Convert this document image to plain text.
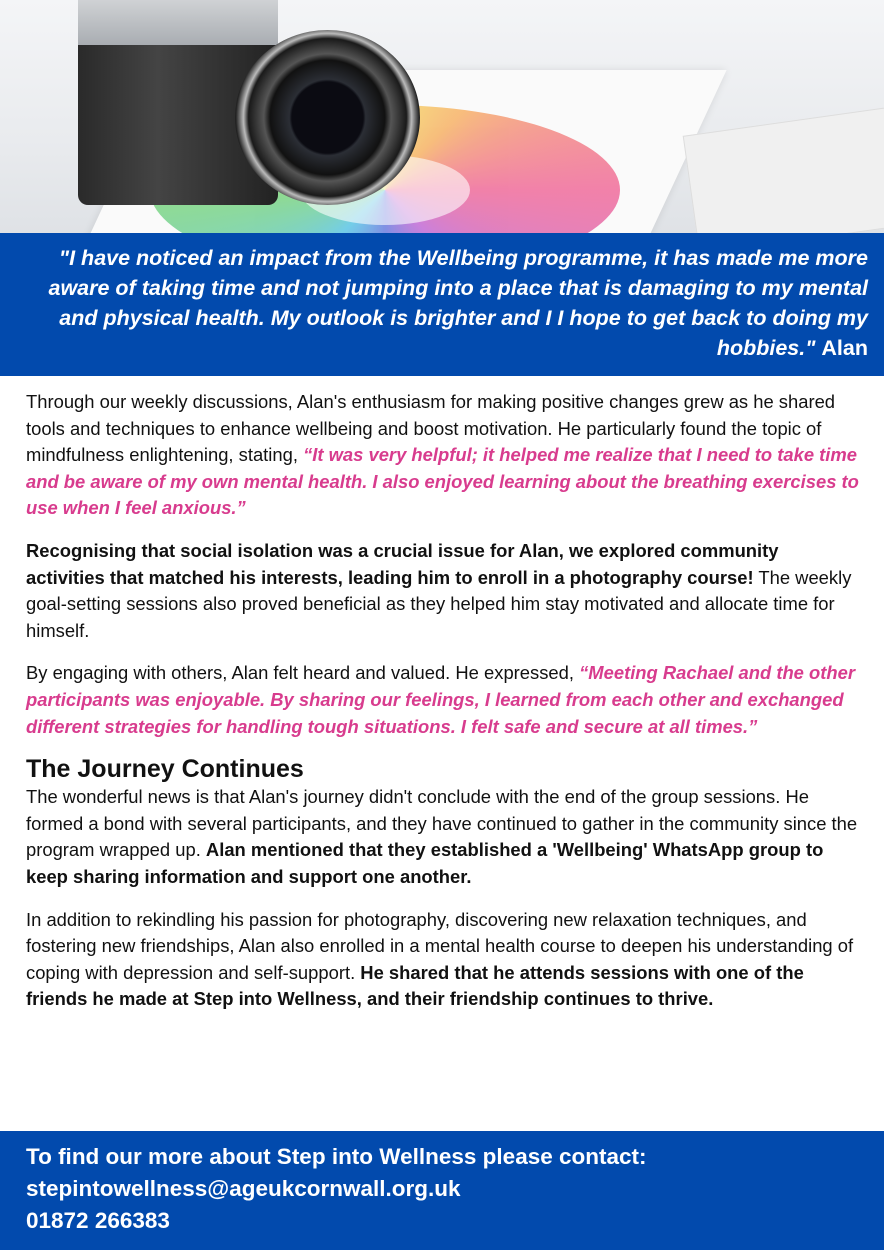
"I have noticed an impact from the Wellbeing programme, it has made me more aware of taking time and not jumping into a place that is damaging to my mental and physical health. My outlook is brighter and I I hope to get back to doing my hobbies." Alan

Through our weekly discussions, Alan's enthusiasm for making positive changes grew as he shared tools and techniques to enhance wellbeing and boost motivation. He particularly found the topic of mindfulness enlightening, stating, “It was very helpful; it helped me realize that I need to take time and be aware of my own mental health. I also enjoyed learning about the breathing exercises to use when I feel anxious.”

Recognising that social isolation was a crucial issue for Alan, we explored community activities that matched his interests, leading him to enroll in a photography course! The weekly goal-setting sessions also proved beneficial as they helped him stay motivated and allocate time for himself.

By engaging with others, Alan felt heard and valued. He expressed, “Meeting Rachael and the other participants was enjoyable. By sharing our feelings, I learned from each other and exchanged different strategies for handling tough situations. I felt safe and secure at all times.”

The Journey Continues

The wonderful news is that Alan's journey didn't conclude with the end of the group sessions. He formed a bond with several participants, and they have continued to gather in the community since the program wrapped up. Alan mentioned that they established a 'Wellbeing' WhatsApp group to keep sharing information and support one another.

In addition to rekindling his passion for photography, discovering new relaxation techniques, and fostering new friendships, Alan also enrolled in a mental health course to deepen his understanding of coping with depression and self-support. He shared that he attends sessions with one of the friends he made at Step into Wellness, and their friendship continues to thrive.

To find our more about Step into Wellness please contact:
stepintowellness@ageukcornwall.org.uk
01872 266383
